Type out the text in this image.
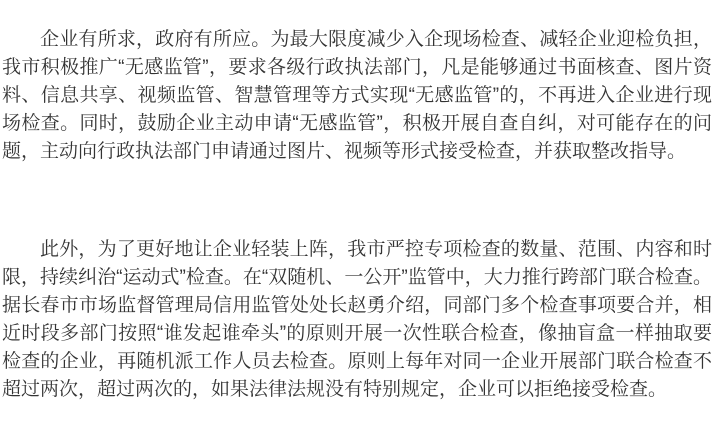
企业有所求，政府有所应。为最大限度减少入企现场检查、减轻企业迎检负担，我市积极推广“无感监管”，要求各级行政执法部门，凡是能够通过书面核查、图片资料、信息共享、视频监管、智慧管理等方式实现“无感监管”的，不再进入企业进行现场检查。同时，鼓励企业主动申请“无感监管”，积极开展自查自纠，对可能存在的问题，主动向行政执法部门申请通过图片、视频等形式接受检查，并获取整改指导。

此外，为了更好地让企业轻装上阵，我市严控专项检查的数量、范围、内容和时限，持续纠治“运动式”检查。在“双随机、一公开”监管中，大力推行跨部门联合检查。据长春市市场监督管理局信用监管处处长赵勇介绍，同部门多个检查事项要合并，相近时段多部门按照“谁发起谁牵头”的原则开展一次性联合检查，像抽盲盒一样抽取要检查的企业，再随机派工作人员去检查。原则上每年对同一企业开展部门联合检查不超过两次，超过两次的，如果法律法规没有特别规定，企业可以拒绝接受检查。
